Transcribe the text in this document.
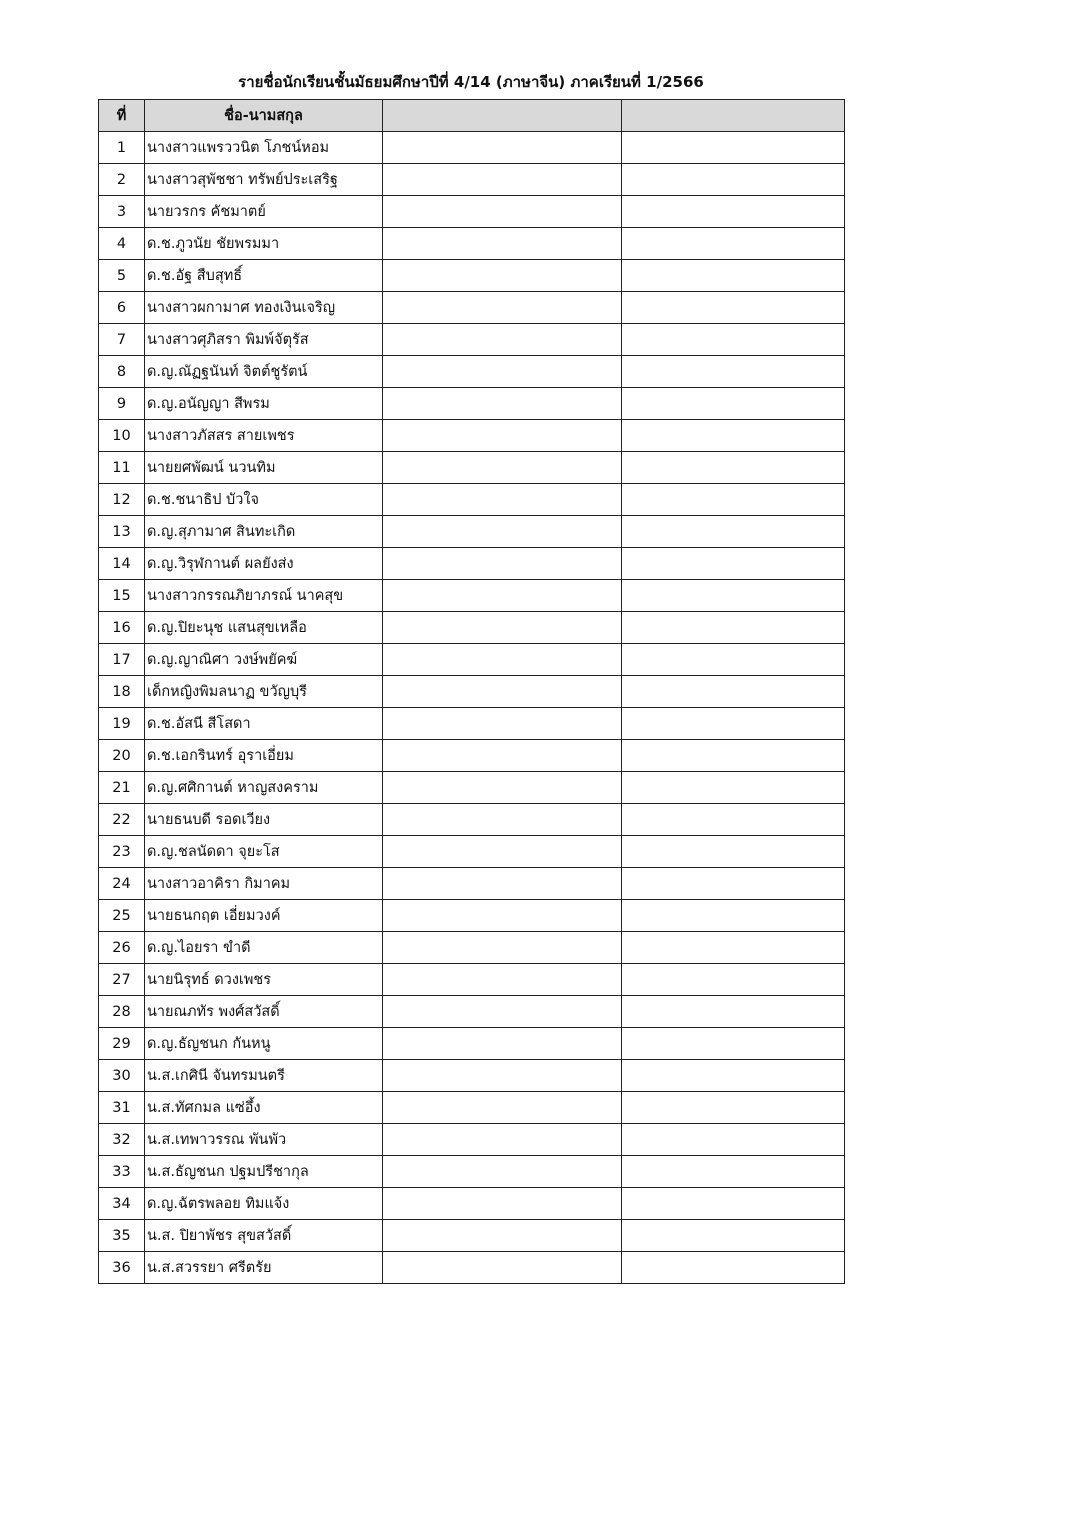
รายชื่อนักเรียนชั้นมัธยมศึกษาปีที่ 4/14 (ภาษาจีน) ภาคเรียนที่ 1/2566
ที่	ชื่อ-นามสกุล		
1	นางสาวแพรววนิต โภชน์หอม		
2	นางสาวสุพัชชา ทรัพย์ประเสริฐ		
3	นายวรกร คัชมาตย์		
4	ด.ช.ภูวนัย ชัยพรมมา		
5	ด.ช.อัฐ สืบสุทธิ์		
6	นางสาวผกามาศ ทองเงินเจริญ		
7	นางสาวศุภิสรา พิมพ์จัตุรัส		
8	ด.ญ.ณัฏฐนันท์ จิตต์ชูรัตน์		
9	ด.ญ.อนัญญา สีพรม		
10	นางสาวภัสสร สายเพชร		
11	นายยศพัฒน์ นวนทิม		
12	ด.ช.ชนาธิป บัวใจ		
13	ด.ญ.สุภามาศ สินทะเกิด		
14	ด.ญ.วิรุฬกานต์ ผลยังส่ง		
15	นางสาวกรรณภิยาภรณ์ นาคสุข		
16	ด.ญ.ปิยะนุช แสนสุขเหลือ		
17	ด.ญ.ญาณิศา วงษ์พยัคฆ์		
18	เด็กหญิงพิมลนาฏ ขวัญบุรี		
19	ด.ช.อัสนี สีโสดา		
20	ด.ช.เอกรินทร์ อุราเอี่ยม		
21	ด.ญ.ศศิกานต์ หาญสงคราม		
22	นายธนบดี รอดเวียง		
23	ด.ญ.ชลนัดดา จุยะโส		
24	นางสาวอาคิรา กิมาคม		
25	นายธนกฤต เอี่ยมวงค์		
26	ด.ญ.ไอยรา ขำดี		
27	นายนิรุทธ์ ดวงเพชร		
28	นายณภทัร พงศ์สวัสดิ์		
29	ด.ญ.ธัญชนก กันหนู		
30	น.ส.เกศินี จันทรมนตรี		
31	น.ส.ทัศกมล แซ่อึ้ง		
32	น.ส.เทพาวรรณ พันพัว		
33	น.ส.ธัญชนก ปฐมปรีชากุล		
34	ด.ญ.ฉัตรพลอย ทิมแจ้ง		
35	น.ส. ปิยาพัชร สุขสวัสดิ์		
36	น.ส.สวรรยา ศรีตรัย		
